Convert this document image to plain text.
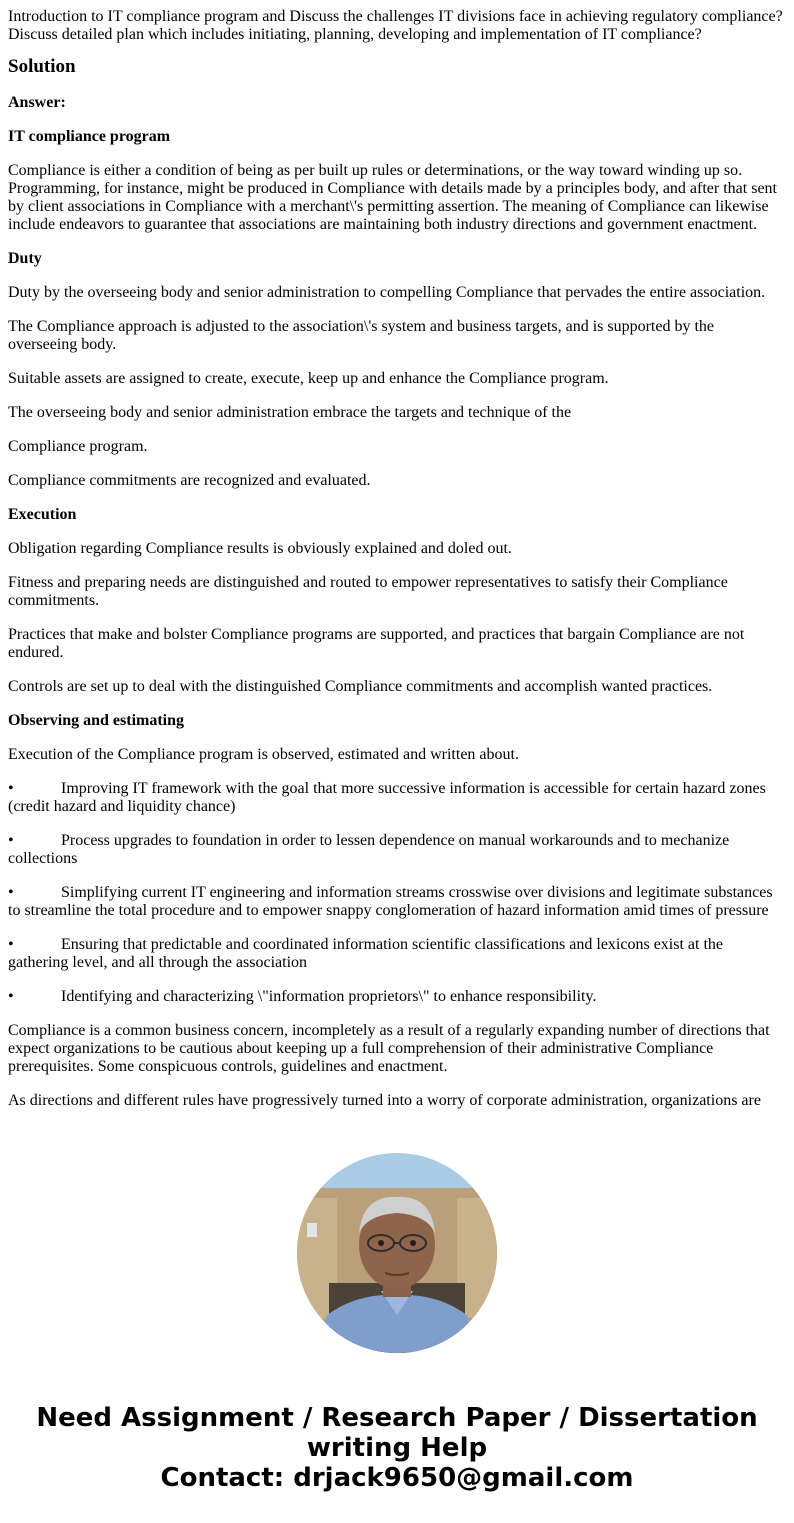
Introduction to IT compliance program and Discuss the challenges IT divisions face in achieving regulatory compliance? Discuss detailed plan which includes initiating, planning, developing and implementation of IT compliance?

Solution

Answer:

IT compliance program

Compliance is either a condition of being as per built up rules or determinations, or the way toward winding up so. Programming, for instance, might be produced in Compliance with details made by a principles body, and after that sent by client associations in Compliance with a merchant\'s permitting assertion. The meaning of Compliance can likewise include endeavors to guarantee that associations are maintaining both industry directions and government enactment.

Duty

Duty by the overseeing body and senior administration to compelling Compliance that pervades the entire association.

The Compliance approach is adjusted to the association\'s system and business targets, and is supported by the overseeing body.

Suitable assets are assigned to create, execute, keep up and enhance the Compliance program.

The overseeing body and senior administration embrace the targets and technique of the

Compliance program.

Compliance commitments are recognized and evaluated.

Execution

Obligation regarding Compliance results is obviously explained and doled out.

Fitness and preparing needs are distinguished and routed to empower representatives to satisfy their Compliance commitments.

Practices that make and bolster Compliance programs are supported, and practices that bargain Compliance are not endured.

Controls are set up to deal with the distinguished Compliance commitments and accomplish wanted practices.

Observing and estimating

Execution of the Compliance program is observed, estimated and written about.

•	Improving IT framework with the goal that more successive information is accessible for certain hazard zones (credit hazard and liquidity chance)

•	Process upgrades to foundation in order to lessen dependence on manual workarounds and to mechanize collections

•	Simplifying current IT engineering and information streams crosswise over divisions and legitimate substances to streamline the total procedure and to empower snappy conglomeration of hazard information amid times of pressure

•	Ensuring that predictable and coordinated information scientific classifications and lexicons exist at the gathering level, and all through the association

•	Identifying and characterizing \"information proprietors\" to enhance responsibility.

Compliance is a common business concern, incompletely as a result of a regularly expanding number of directions that expect organizations to be cautious about keeping up a full comprehension of their administrative Compliance prerequisites. Some conspicuous controls, guidelines and enactment.

As directions and different rules have progressively turned into a worry of corporate administration, organizations are

Need Assignment / Research Paper / Dissertation
writing Help
Contact: drjack9650@gmail.com
